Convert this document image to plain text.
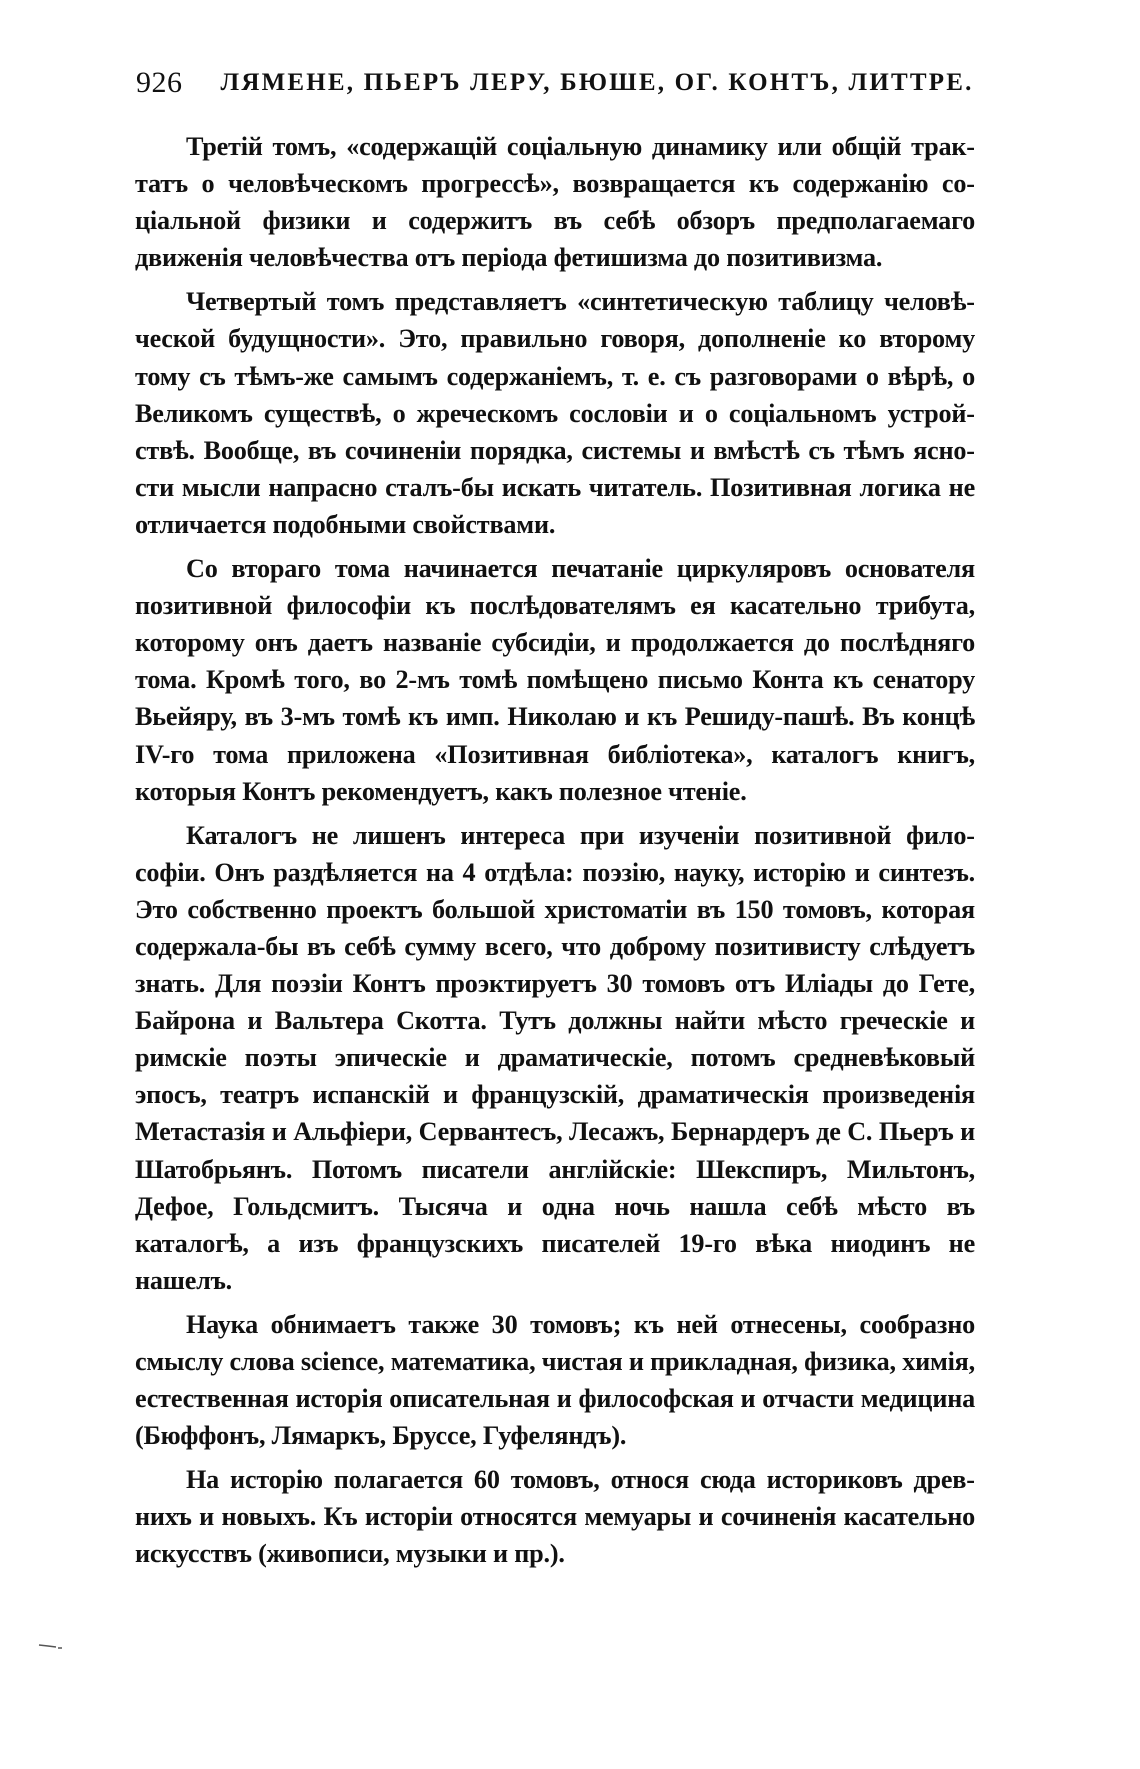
926 ЛЯМЕНЕ, ПЬЕРЪ ЛЕРУ, БЮШЕ, ОГ. КОНТЪ, ЛИТТРЕ.

Третій томъ, «содержащій соціальную динамику или общій трактатъ о человѣческомъ прогрессѣ», возвращается къ содержанію соціальной физики и содержитъ въ себѣ обзоръ предполагаемаго движенія человѣчества отъ періода фетишизма до позитивизма.

Четвертый томъ представляетъ «синтетическую таблицу человѣческой будущности». Это, правильно говоря, дополненіе ко второму тому съ тѣмъ-же самымъ содержаніемъ, т. е. съ разговорами о вѣрѣ, о Великомъ существѣ, о жреческомъ сословіи и о соціальномъ устройствѣ. Вообще, въ сочиненіи порядка, системы и вмѣстѣ съ тѣмъ ясности мысли напрасно сталъ-бы искать читатель. Позитивная логика не отличается подобными свойствами.

Со втораго тома начинается печатаніе циркуляровъ основателя позитивной философіи къ послѣдователямъ ея касательно трибута, которому онъ даетъ названіе субсидіи, и продолжается до послѣдняго тома. Кромѣ того, во 2-мъ томѣ помѣщено письмо Конта къ сенатору Вьейяру, въ 3-мъ томѣ къ имп. Николаю и къ Решиду-пашѣ. Въ концѣ IV-го тома приложена «Позитивная библіотека», каталогъ книгъ, которыя Контъ рекомендуетъ, какъ полезное чтеніе.

Каталогъ не лишенъ интереса при изученіи позитивной философіи. Онъ раздѣляется на 4 отдѣла: поэзію, науку, исторію и синтезъ. Это собственно проектъ большой христоматіи въ 150 томовъ, которая содержала-бы въ себѣ сумму всего, что доброму позитивисту слѣдуетъ знать. Для поэзіи Контъ проэктируетъ 30 томовъ отъ Иліады до Гете, Байрона и Вальтера Скотта. Тутъ должны найти мѣсто греческіе и римскіе поэты эпическіе и драматическіе, потомъ средневѣковый эпосъ, театръ испанскій и французскій, драматическія произведенія Метастазія и Альфіери, Сервантесъ, Лесажъ, Бернардеръ де С. Пьеръ и Шатобрьянъ. Потомъ писатели англійскіе: Шекспиръ, Мильтонъ, Дефое, Гольдсмитъ. Тысяча и одна ночь нашла себѣ мѣсто въ каталогѣ, а изъ французскихъ писателей 19-го вѣка ниодинъ не нашелъ.

Наука обнимаетъ также 30 томовъ; къ ней отнесены, сообразно смыслу слова science, математика, чистая и прикладная, физика, химія, естественная исторія описательная и философская и отчасти медицина (Бюффонъ, Лямаркъ, Бруссе, Гуфеляндъ).

На исторію полагается 60 томовъ, относя сюда историковъ древнихъ и новыхъ. Къ исторіи относятся мемуары и сочиненія касательно искусствъ (живописи, музыки и пр.).
